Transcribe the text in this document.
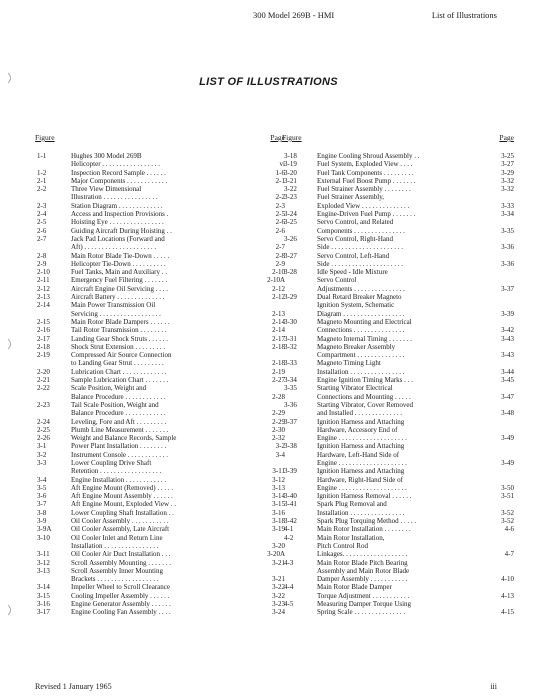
300 Model 269B - HMI	List of Illustrations
LIST OF ILLUSTRATIONS
Figure	Page
1-1	Hughes 300 Model 269B
Helicopter . . . . . . . . . . . . . . . . .	vi
1-2	Inspection Record Sample . . . . . .	1-6
2-1	Major Components . . . . . . . . . . . .	2-1
2-2	Three View Dimensional
Illustration . . . . . . . . . . . . . . . .	2-2
2-3	Station Diagram . . . . . . . . . . . . .	2-3
2-4	Access and Inspection Provisions .	2-5
2-5	Hoisting Eye . . . . . . . . . . . . . . . .	2-6
2-6	Guiding Aircraft During Hoisting . .	2-6
2-7	Jack Pad Locations (Forward and
Aft) . . . . . . . . . . . . . . . . . . . . .	2-7
2-8	Main Rotor Blade Tie-Down . . . . .	2-8
2-9	Helicopter Tie-Down . . . . . . . . . .	2-9
2-10	Fuel Tanks, Main and Auxiliary . .	2-10
2-11	Emergency Fuel Filtering . . . . . . .	2-10A
2-12	Aircraft Engine Oil Servicing . . . .	2-12
2-13	Aircraft Battery . . . . . . . . . . . . . .	2-12
2-14	Main Power Transmission Oil
Servicing . . . . . . . . . . . . . . . . . .	2-13
2-15	Main Rotor Blade Dampers . . . . . .	2-14
2-16	Tail Rotor Transmission . . . . . . . .	2-14
2-17	Landing Gear Shock Struts . . . . . .	2-17
2-18	Shock Strut Extension . . . . . . . . .	2-18
2-19	Compressed Air Source Connection
to Landing Gear Strut . . . . . . . . .	2-18
2-20	Lubrication Chart . . . . . . . . . . . . .	2-19
2-21	Sample Lubrication Chart . . . . . . .	2-27
2-22	Scale Position, Weight and
Balance Procedure . . . . . . . . . . . .	2-28
2-23	Tail Scale Position, Weight and
Balance Procedure . . . . . . . . . . . .	2-29
2-24	Leveling, Fore and Aft . . . . . . . . .	2-29
2-25	Plumb Line Measurement . . . . . . .	2-30
2-26	Weight and Balance Records, Sample	2-32
3-1	Power Plant Installation . . . . . . . .	3-2
3-2	Instrument Console . . . . . . . . . . . .	3-4
3-3	Lower Coupling Drive Shaft
Retention . . . . . . . . . . . . . . . . . .	3-11
3-4	Engine Installation . . . . . . . . . . . .	3-12
3-5	Aft Engine Mount (Removed) . . . . .	3-13
3-6	Aft Engine Mount Assembly . . . . . .	3-14
3-7	Aft Engine Mount, Exploded View . .	3-15
3-8	Lower Coupling Shaft Installation . .	3-16
3-9	Oil Cooler Assembly . . . . . . . . . . .	3-18
3-9A	Oil Cooler Assembly, Late Aircraft	3-19
3-10	Oil Cooler Inlet and Return Line
Installation . . . . . . . . . . . . . . . .	3-20
3-11	Oil Cooler Air Duct Installation . . .	3-20A
3-12	Scroll Assembly Mounting . . . . . . .	3-21
3-13	Scroll Assembly Inner Mounting
Brackets . . . . . . . . . . . . . . . . . .	3-21
3-14	Impeller Wheel to Scroll Clearance	3-22
3-15	Cooling Impeller Assembly . . . . . .	3-22
3-16	Engine Generator Assembly . . . . . .	3-23
3-17	Engine Cooling Fan Assembly . . . .	3-24
Figure	Page
3-18	Engine Cooling Shroud Assembly . .	3-25
3-19	Fuel System, Exploded View . . . .	3-27
3-20	Fuel Tank Components . . . . . . . . .	3-29
3-21	External Fuel Boost Pump . . . . . . .	3-32
3-22	Fuel Strainer Assembly . . . . . . . .	3-32
3-23	Fuel Strainer Assembly,
Exploded View . . . . . . . . . . . . . .	3-33
3-24	Engine-Driven Fuel Pump . . . . . . .	3-34
3-25	Servo Control, and Related
Components . . . . . . . . . . . . . . .	3-35
3-26	Servo Control, Right-Hand
Side . . . . . . . . . . . . . . . . . . . . .	3-36
3-27	Servo Control, Left-Hand
Side . . . . . . . . . . . . . . . . . . . . .	3-36
3-28	Idle Speed - Idle Mixture
Servo Control
Adjustments . . . . . . . . . . . . . . .	3-37
3-29	Dual Retard Breaker Magneto
Ignition System, Schematic
Diagram . . . . . . . . . . . . . . . . . .	3-39
3-30	Magneto Mounting and Electrical
Connections . . . . . . . . . . . . . . .	3-42
3-31	Magneto Internal Timing . . . . . . .	3-43
3-32	Magneto Breaker Assembly
Compartment . . . . . . . . . . . . . .	3-43
3-33	Magneto Timing Light
Installation . . . . . . . . . . . . . . . .	3-44
3-34	Engine Ignition Timing Marks . . .	3-45
3-35	Starting Vibrator Electrical
Connections and Mounting . . . . .	3-47
3-36	Starting Vibrator, Cover Removed
and Installed . . . . . . . . . . . . . .	3-48
3-37	Ignition Harness and Attaching
Hardware, Accessory End of
Engine . . . . . . . . . . . . . . . . . . . .	3-49
3-38	Ignition Harness and Attaching
Hardware, Left-Hand Side of
Engine . . . . . . . . . . . . . . . . . . . .	3-49
3-39	Ignition Harness and Attaching
Hardware, Right-Hand Side of
Engine . . . . . . . . . . . . . . . . . . . .	3-50
3-40	Ignition Harness Removal . . . . . .	3-51
3-41	Spark Plug Removal and
Installation . . . . . . . . . . . . . . . .	3-52
3-42	Spark Plug Torquing Method . . . . .	3-52
4-1	Main Rotor Installation . . . . . . . .	4-6
4-2	Main Rotor Installation,
Pitch Control Rod
Linkages. . . . . . . . . . . . . . . . . . .	4-7
4-3	Main Rotor Blade Pitch Bearing
Assembly and Main Rotor Blade
Damper Assembly . . . . . . . . . . .	4-10
4-4	Main Rotor Blade Damper
Torque Adjustment . . . . . . . . . . .	4-13
4-5	Measuring Damper Torque Using
Spring Scale . . . . . . . . . . . . . . .	4-15
Revised 1 January 1965	iii
